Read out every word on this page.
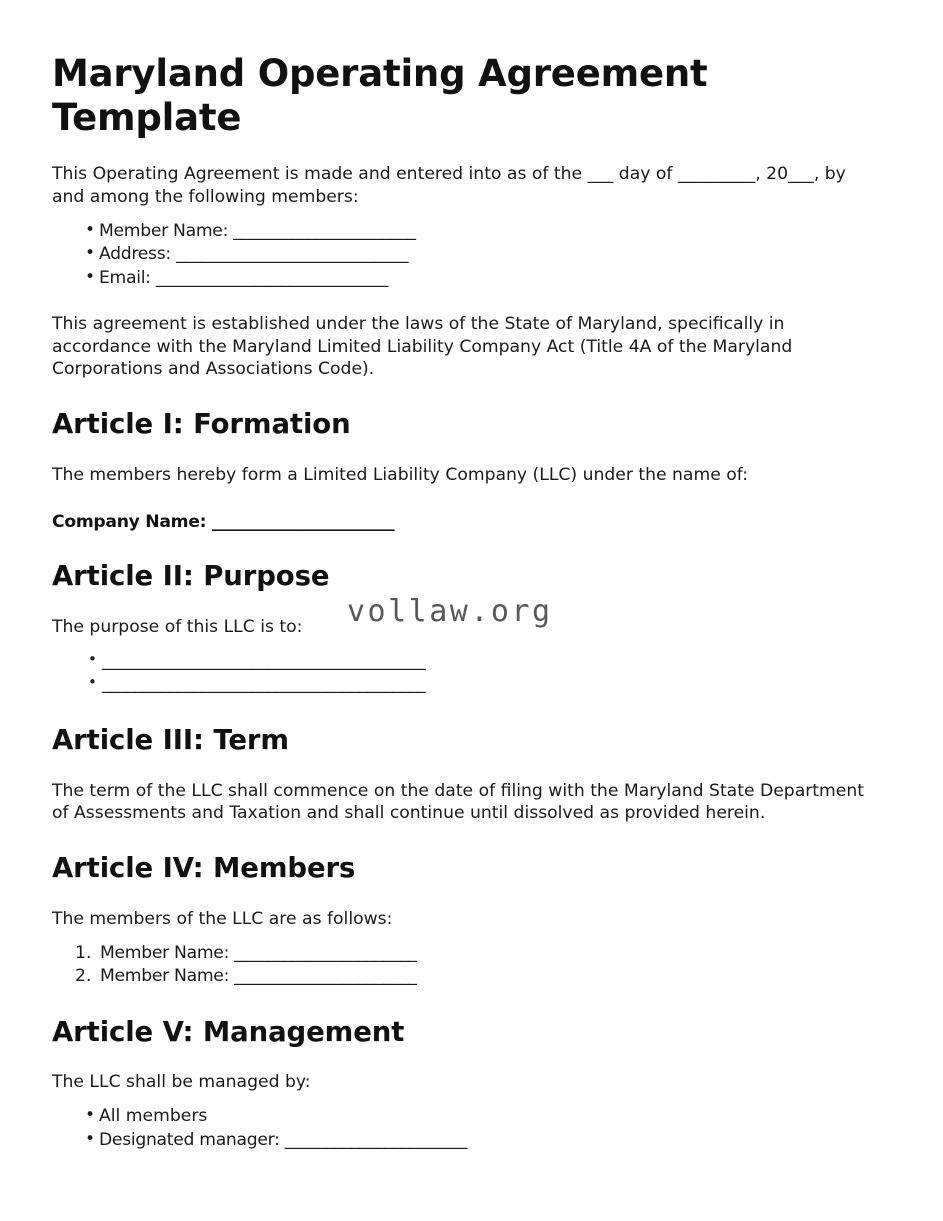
Maryland Operating Agreement Template

This Operating Agreement is made and entered into as of the ___ day of _________, 20___, by and among the following members:

• Member Name: ______________________
• Address: ____________________________
• Email: ____________________________

This agreement is established under the laws of the State of Maryland, specifically in accordance with the Maryland Limited Liability Company Act (Title 4A of the Maryland Corporations and Associations Code).

Article I: Formation

The members hereby form a Limited Liability Company (LLC) under the name of:

Company Name: ______________________

Article II: Purpose

The purpose of this LLC is to:

• _______________________________________
• _______________________________________
Article III: Term

The term of the LLC shall commence on the date of filing with the Maryland State Department of Assessments and Taxation and shall continue until dissolved as provided herein.

Article IV: Members

The members of the LLC are as follows:

Member Name: ______________________
Member Name: ______________________
Article V: Management

The LLC shall be managed by:

• All members
• Designated manager: ______________________
vollaw.org
